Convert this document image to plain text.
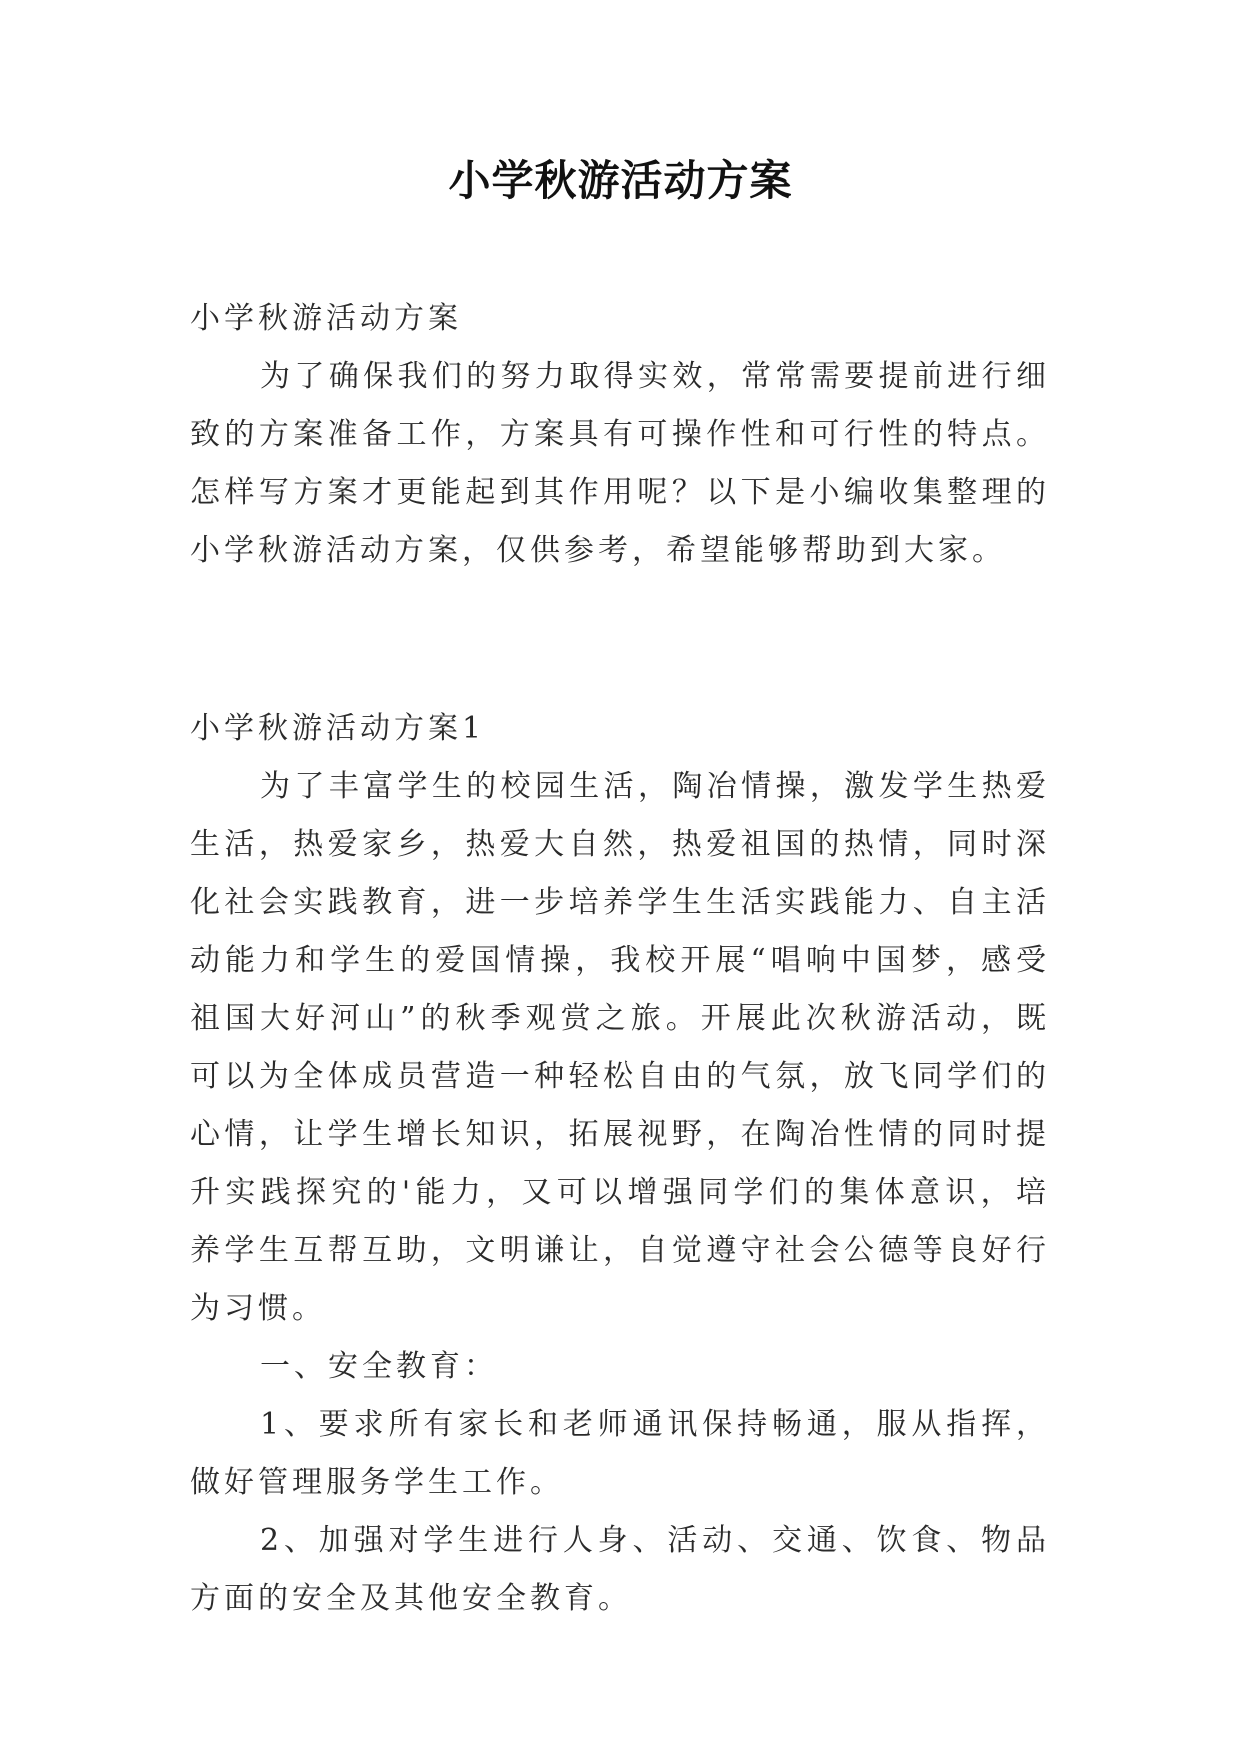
小学秋游活动方案

小学秋游活动方案

为了确保我们的努力取得实效，常常需要提前进行细致的方案准备工作，方案具有可操作性和可行性的特点。怎样写方案才更能起到其作用呢？以下是小编收集整理的小学秋游活动方案，仅供参考，希望能够帮助到大家。

小学秋游活动方案1

为了丰富学生的校园生活，陶冶情操，激发学生热爱生活，热爱家乡，热爱大自然，热爱祖国的热情，同时深化社会实践教育，进一步培养学生生活实践能力、自主活动能力和学生的爱国情操，我校开展“唱响中国梦，感受祖国大好河山”的秋季观赏之旅。开展此次秋游活动，既可以为全体成员营造一种轻松自由的气氛，放飞同学们的心情，让学生增长知识，拓展视野，在陶冶性情的同时提升实践探究的'能力，又可以增强同学们的集体意识，培养学生互帮互助，文明谦让，自觉遵守社会公德等良好行为习惯。

一、安全教育：

1、要求所有家长和老师通讯保持畅通，服从指挥，做好管理服务学生工作。

2、加强对学生进行人身、活动、交通、饮食、物品方面的安全及其他安全教育。
